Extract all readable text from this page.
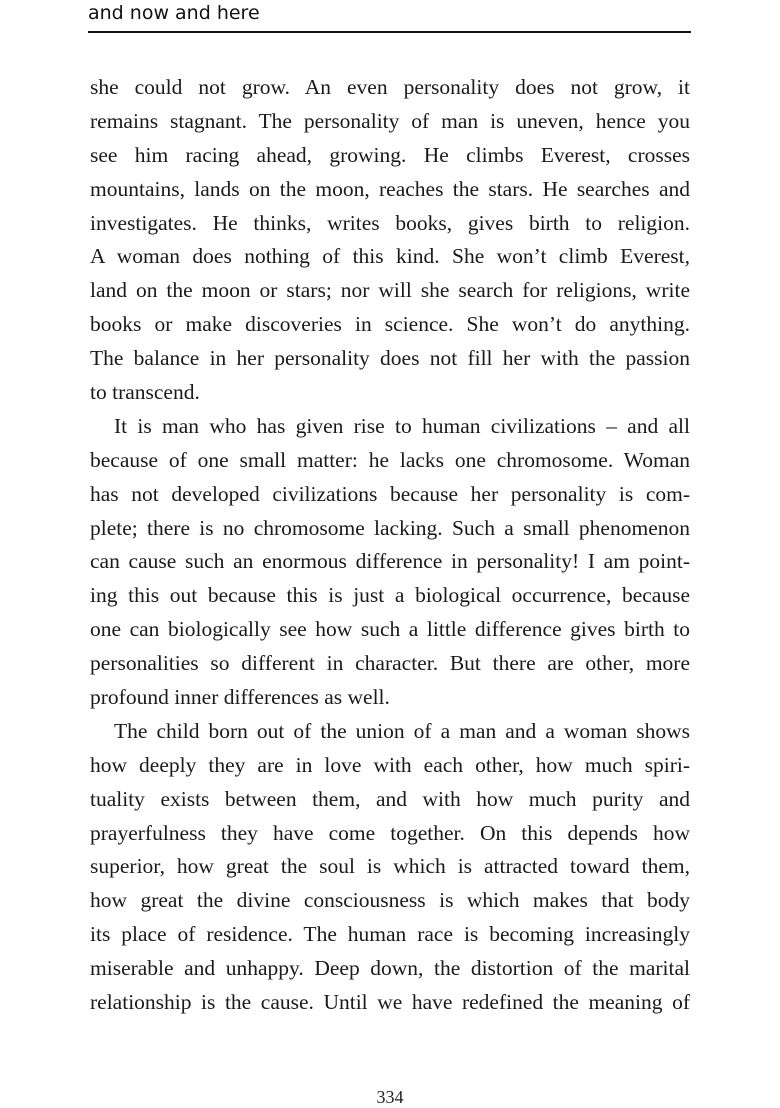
and now and here
she could not grow. An even personality does not grow, it
remains stagnant. The personality of man is uneven, hence you
see him racing ahead, growing. He climbs Everest, crosses
mountains, lands on the moon, reaches the stars. He searches and
investigates. He thinks, writes books, gives birth to religion.
A woman does nothing of this kind. She won’t climb Everest,
land on the moon or stars; nor will she search for religions, write
books or make discoveries in science. She won’t do anything.
The balance in her personality does not fill her with the passion
to transcend.
It is man who has given rise to human civilizations – and all
because of one small matter: he lacks one chromosome. Woman
has not developed civilizations because her personality is com-
plete; there is no chromosome lacking. Such a small phenomenon
can cause such an enormous difference in personality! I am point-
ing this out because this is just a biological occurrence, because
one can biologically see how such a little difference gives birth to
personalities so different in character. But there are other, more
profound inner differences as well.
The child born out of the union of a man and a woman shows
how deeply they are in love with each other, how much spiri-
tuality exists between them, and with how much purity and
prayerfulness they have come together. On this depends how
superior, how great the soul is which is attracted toward them,
how great the divine consciousness is which makes that body
its place of residence. The human race is becoming increasingly
miserable and unhappy. Deep down, the distortion of the marital
relationship is the cause. Until we have redefined the meaning of
334
